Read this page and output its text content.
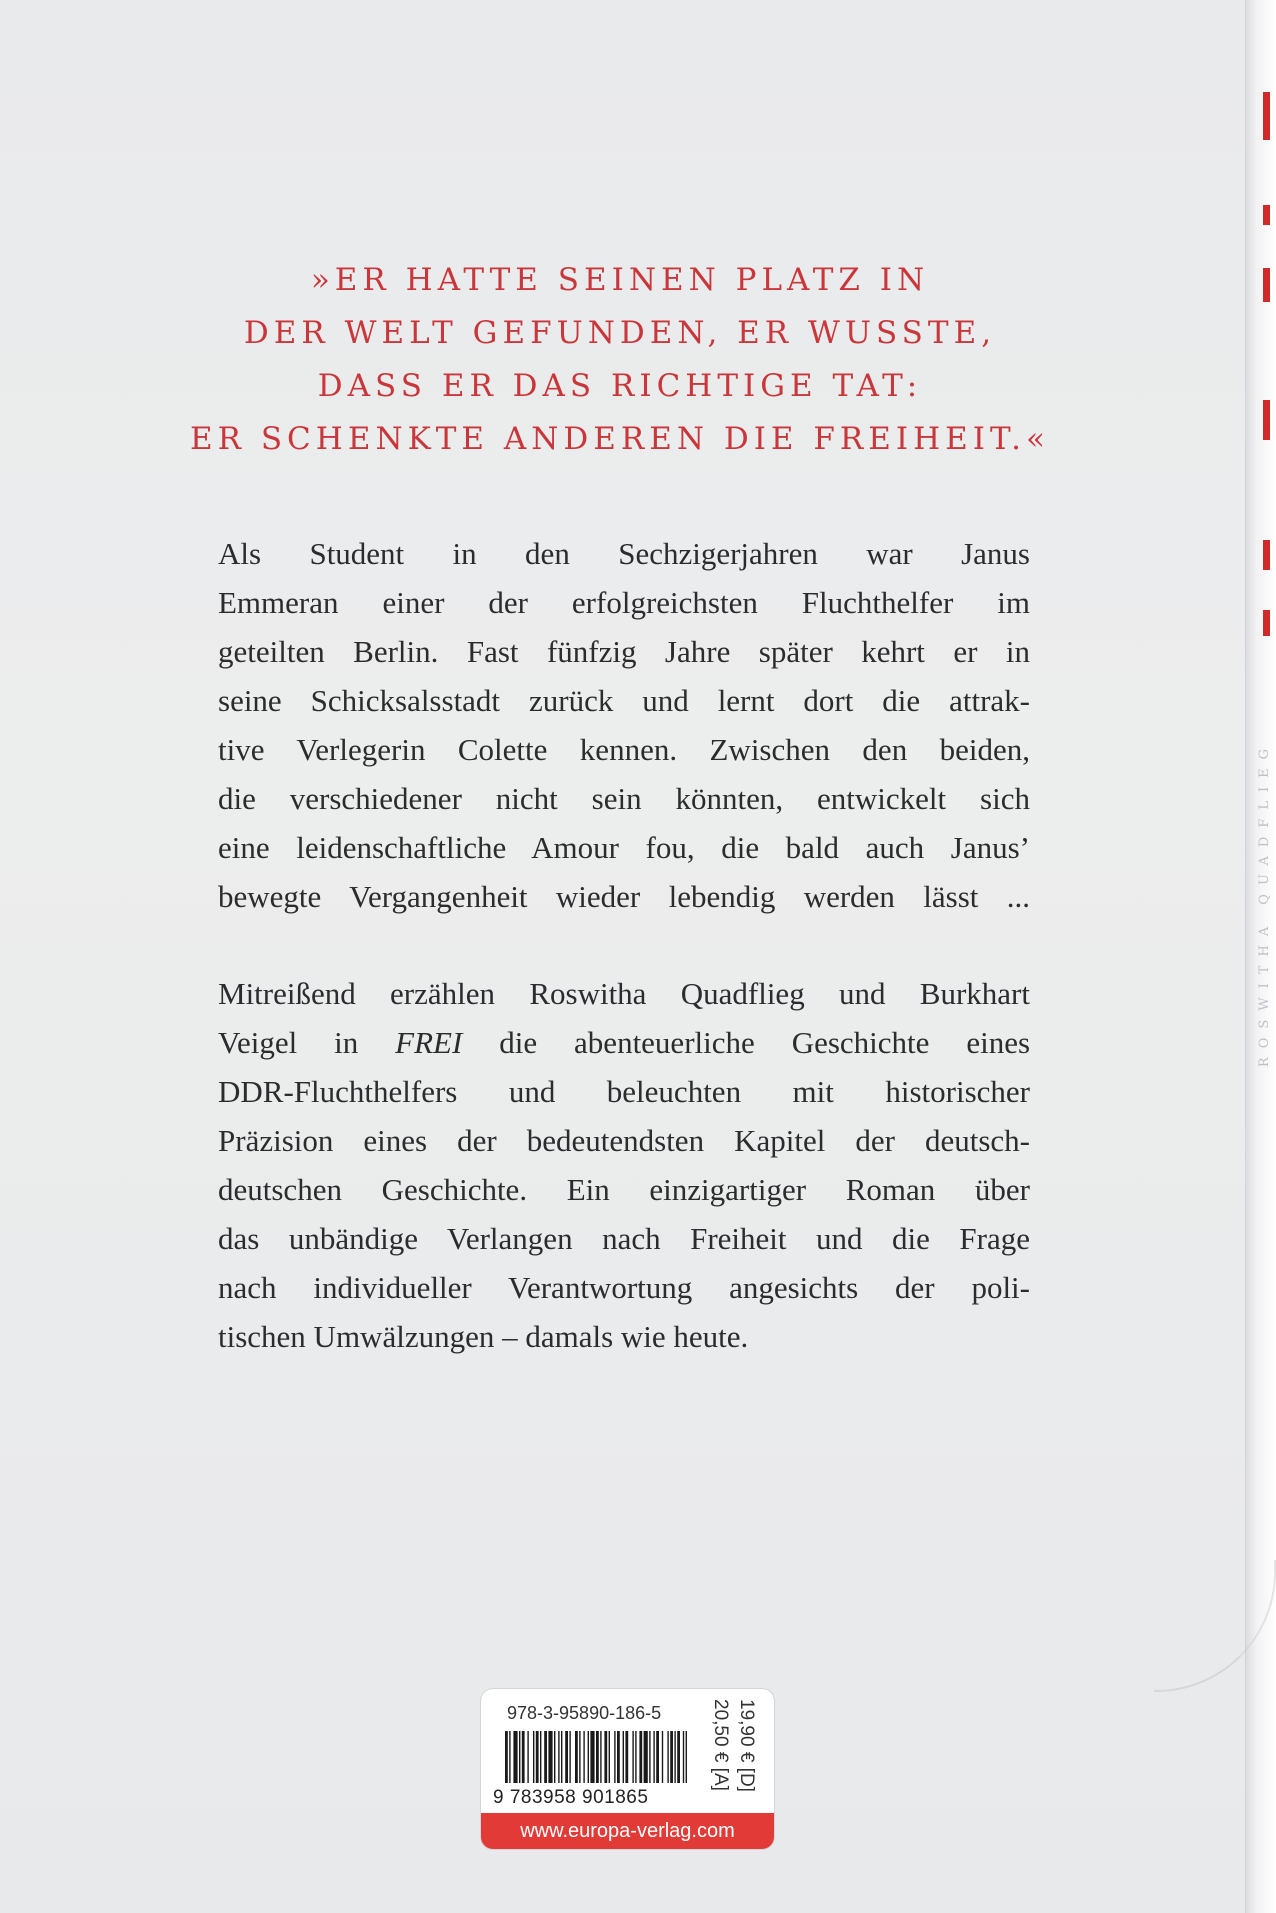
ROSWITHA QUADFLIEG
»ER HATTE SEINEN PLATZ IN
DER WELT GEFUNDEN, ER WUSSTE,
DASS ER DAS RICHTIGE TAT:
ER SCHENKTE ANDEREN DIE FREIHEIT.«

Als Student in den Sechzigerjahren war Janus
Emmeran einer der erfolgreichsten Fluchthelfer im
geteilten Berlin. Fast fünfzig Jahre später kehrt er in
seine Schicksalsstadt zurück und lernt dort die attrak-
tive Verlegerin Colette kennen. Zwischen den beiden,
die verschiedener nicht sein könnten, entwickelt sich
eine leidenschaftliche Amour fou, die bald auch Janus’
bewegte Vergangenheit wieder lebendig werden lässt ...

Mitreißend erzählen Roswitha Quadflieg und Burkhart
Veigel in FREI die abenteuerliche Geschichte eines
DDR-Fluchthelfers und beleuchten mit historischer
Präzision eines der bedeutendsten Kapitel der deutsch-
deutschen Geschichte. Ein einzigartiger Roman über
das unbändige Verlangen nach Freiheit und die Frage
nach individueller Verantwortung angesichts der poli-
tischen Umwälzungen – damals wie heute.

978-3-95890-186-5
9 783958 901865
19,90 € [D]
20,50 € [A]
www.europa-verlag.com
